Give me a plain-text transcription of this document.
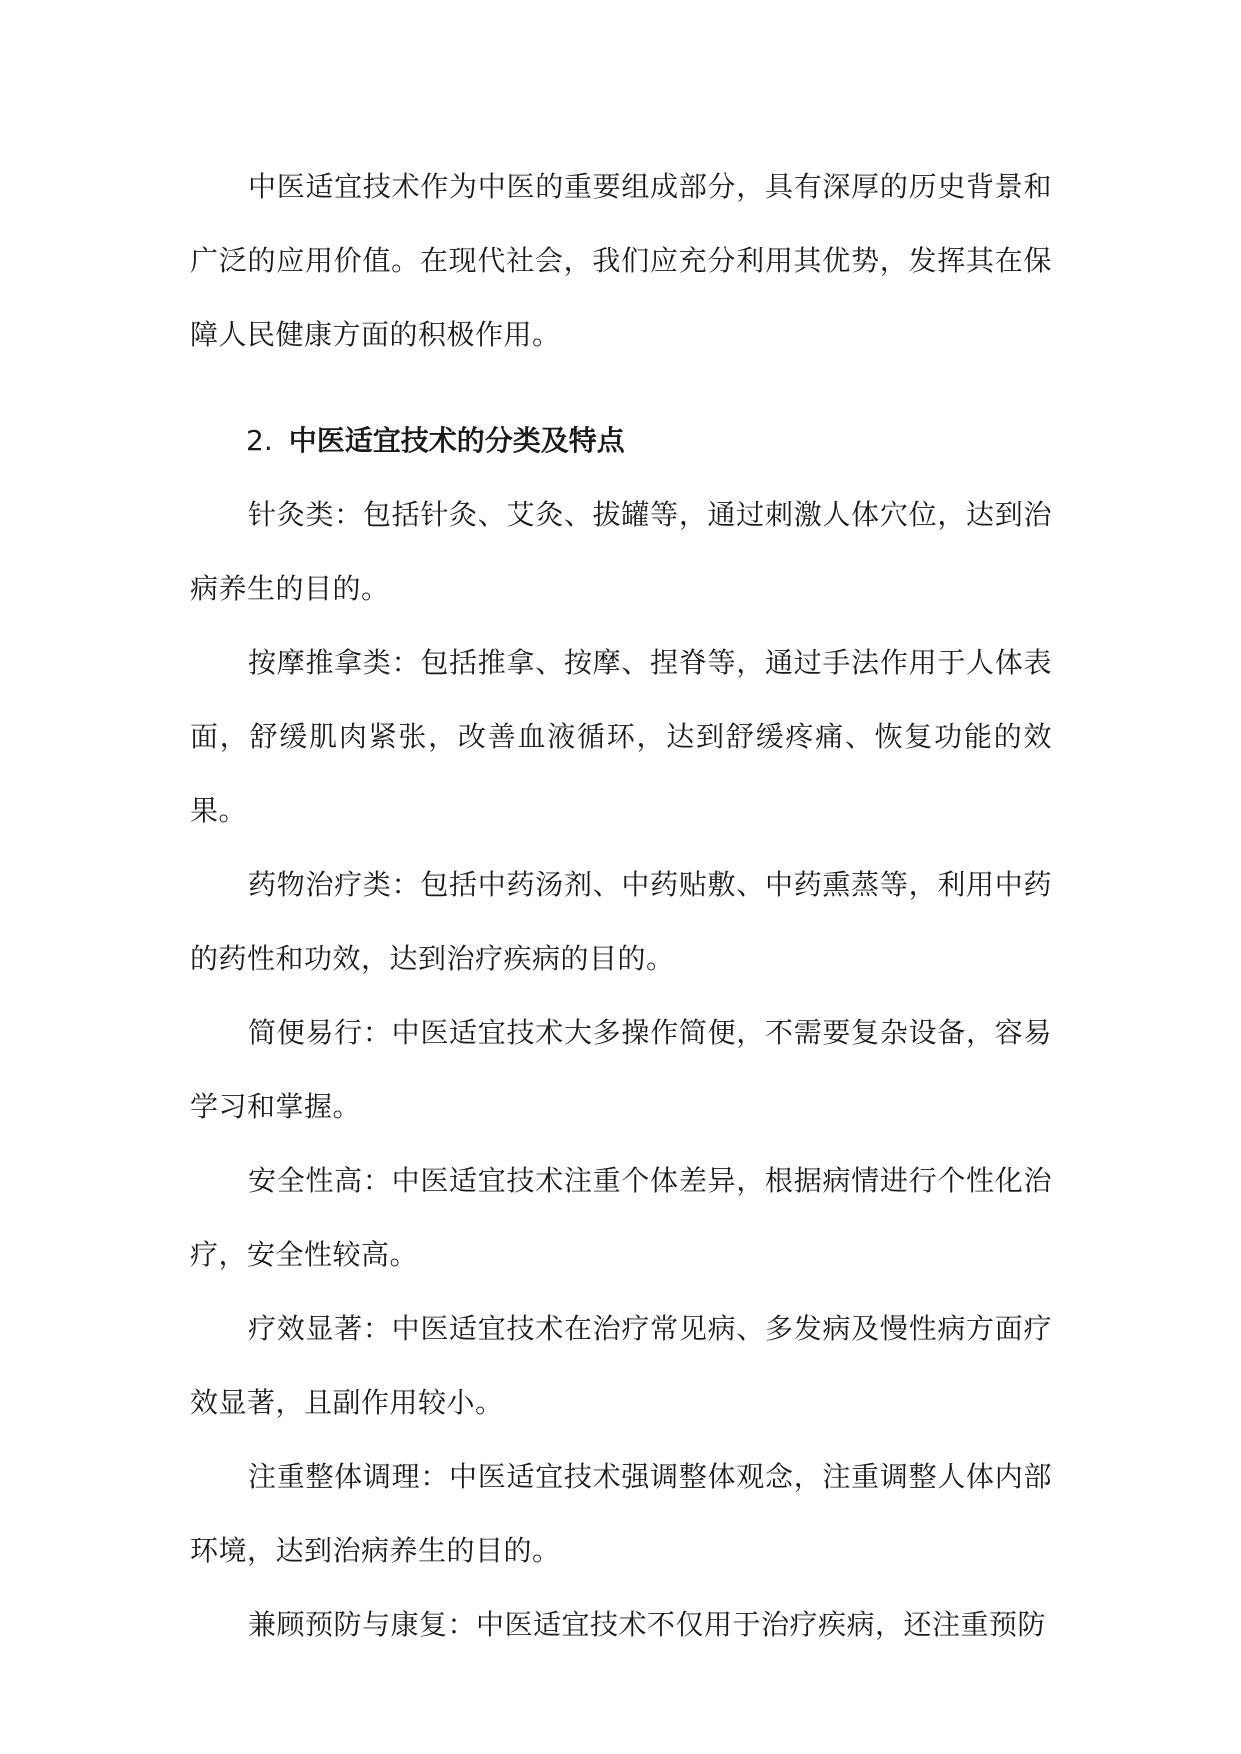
中医适宜技术作为中医的重要组成部分，具有深厚的历史背景和广泛的应用价值。在现代社会，我们应充分利用其优势，发挥其在保障人民健康方面的积极作用。

2. 中医适宜技术的分类及特点

针灸类：包括针灸、艾灸、拔罐等，通过刺激人体穴位，达到治病养生的目的。

按摩推拿类：包括推拿、按摩、捏脊等，通过手法作用于人体表面，舒缓肌肉紧张，改善血液循环，达到舒缓疼痛、恢复功能的效果。

药物治疗类：包括中药汤剂、中药贴敷、中药熏蒸等，利用中药的药性和功效，达到治疗疾病的目的。

简便易行：中医适宜技术大多操作简便，不需要复杂设备，容易学习和掌握。

安全性高：中医适宜技术注重个体差异，根据病情进行个性化治疗，安全性较高。

疗效显著：中医适宜技术在治疗常见病、多发病及慢性病方面疗效显著，且副作用较小。

注重整体调理：中医适宜技术强调整体观念，注重调整人体内部环境，达到治病养生的目的。

兼顾预防与康复：中医适宜技术不仅用于治疗疾病，还注重预防
